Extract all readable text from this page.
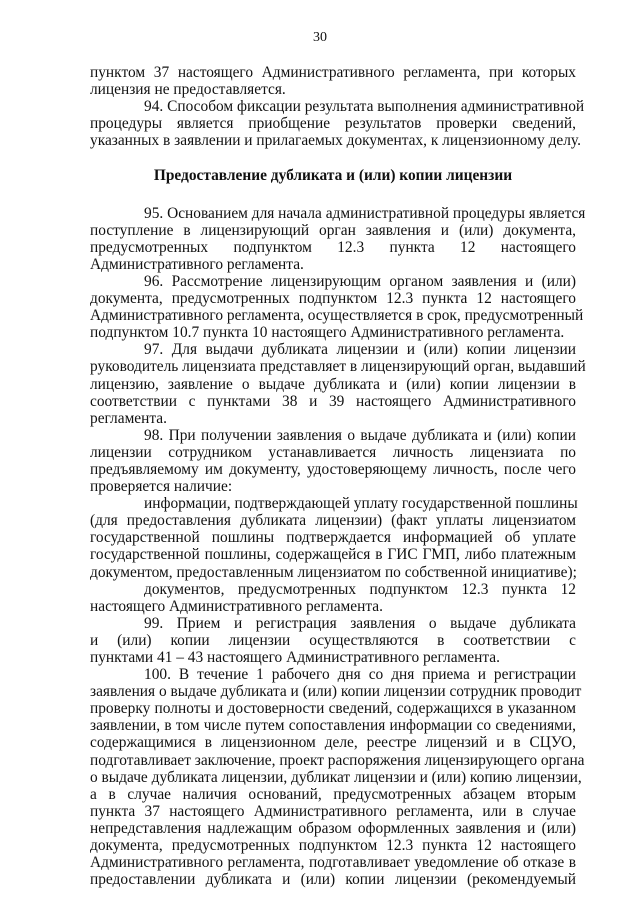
30
пунктом 37 настоящего Административного регламента, при которых
лицензия не предоставляется.
94. Способом фиксации результата выполнения административной
процедуры является приобщение результатов проверки сведений,
указанных в заявлении и прилагаемых документах, к лицензионному делу.
Предоставление дубликата и (или) копии лицензии
95. Основанием для начала административной процедуры является
поступление в лицензирующий орган заявления и (или) документа,
предусмотренных подпунктом 12.3 пункта 12 настоящего
Административного регламента.
96. Рассмотрение лицензирующим органом заявления и (или)
документа, предусмотренных подпунктом 12.3 пункта 12 настоящего
Административного регламента, осуществляется в срок, предусмотренный
подпунктом 10.7 пункта 10 настоящего Административного регламента.
97. Для выдачи дубликата лицензии и (или) копии лицензии
руководитель лицензиата представляет в лицензирующий орган, выдавший
лицензию, заявление о выдаче дубликата и (или) копии лицензии в
соответствии с пунктами 38 и 39 настоящего Административного
регламента.
98. При получении заявления о выдаче дубликата и (или) копии
лицензии сотрудником устанавливается личность лицензиата по
предъявляемому им документу, удостоверяющему личность, после чего
проверяется наличие:
информации, подтверждающей уплату государственной пошлины
(для предоставления дубликата лицензии) (факт уплаты лицензиатом
государственной пошлины подтверждается информацией об уплате
государственной пошлины, содержащейся в ГИС ГМП, либо платежным
документом, предоставленным лицензиатом по собственной инициативе);
документов, предусмотренных подпунктом 12.3 пункта 12
настоящего Административного регламента.
99. Прием и регистрация заявления о выдаче дубликата
и (или) копии лицензии осуществляются в соответствии с
пунктами 41 – 43 настоящего Административного регламента.
100. В течение 1 рабочего дня со дня приема и регистрации
заявления о выдаче дубликата и (или) копии лицензии сотрудник проводит
проверку полноты и достоверности сведений, содержащихся в указанном
заявлении, в том числе путем сопоставления информации со сведениями,
содержащимися в лицензионном деле, реестре лицензий и в СЦУО,
подготавливает заключение, проект распоряжения лицензирующего органа
о выдаче дубликата лицензии, дубликат лицензии и (или) копию лицензии,
а в случае наличия оснований, предусмотренных абзацем вторым
пункта 37 настоящего Административного регламента, или в случае
непредставления надлежащим образом оформленных заявления и (или)
документа, предусмотренных подпунктом 12.3 пункта 12 настоящего
Административного регламента, подготавливает уведомление об отказе в
предоставлении дубликата и (или) копии лицензии (рекомендуемый
